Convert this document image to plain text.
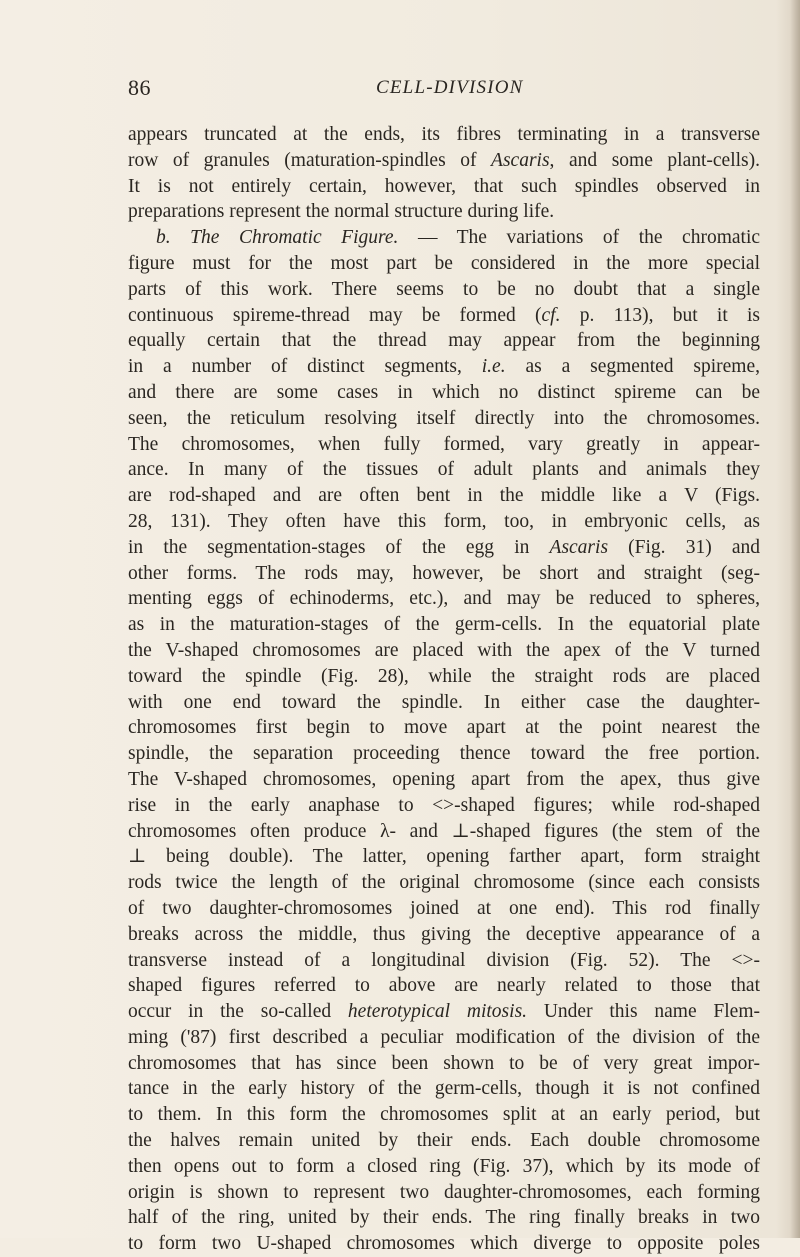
86	CELL-DIVISION
appears truncated at the ends, its fibres terminating in a transverse
row of granules (maturation-spindles of Ascaris, and some plant-cells).
It is not entirely certain, however, that such spindles observed in
preparations represent the normal structure during life.
b. The Chromatic Figure. — The variations of the chromatic
figure must for the most part be considered in the more special
parts of this work. There seems to be no doubt that a single
continuous spireme-thread may be formed (cf. p. 113), but it is
equally certain that the thread may appear from the beginning
in a number of distinct segments, i.e. as a segmented spireme,
and there are some cases in which no distinct spireme can be
seen, the reticulum resolving itself directly into the chromosomes.
The chromosomes, when fully formed, vary greatly in appear-
ance. In many of the tissues of adult plants and animals they
are rod-shaped and are often bent in the middle like a V (Figs.
28, 131). They often have this form, too, in embryonic cells, as
in the segmentation-stages of the egg in Ascaris (Fig. 31) and
other forms. The rods may, however, be short and straight (seg-
menting eggs of echinoderms, etc.), and may be reduced to spheres,
as in the maturation-stages of the germ-cells. In the equatorial plate
the V-shaped chromosomes are placed with the apex of the V turned
toward the spindle (Fig. 28), while the straight rods are placed
with one end toward the spindle. In either case the daughter-
chromosomes first begin to move apart at the point nearest the
spindle, the separation proceeding thence toward the free portion.
The V-shaped chromosomes, opening apart from the apex, thus give
rise in the early anaphase to <>-shaped figures; while rod-shaped
chromosomes often produce λ- and ⊥-shaped figures (the stem of the
⊥ being double). The latter, opening farther apart, form straight
rods twice the length of the original chromosome (since each consists
of two daughter-chromosomes joined at one end). This rod finally
breaks across the middle, thus giving the deceptive appearance of a
transverse instead of a longitudinal division (Fig. 52). The <>-
shaped figures referred to above are nearly related to those that
occur in the so-called heterotypical mitosis. Under this name Flem-
ming ('87) first described a peculiar modification of the division of the
chromosomes that has since been shown to be of very great impor-
tance in the early history of the germ-cells, though it is not confined
to them. In this form the chromosomes split at an early period, but
the halves remain united by their ends. Each double chromosome
then opens out to form a closed ring (Fig. 37), which by its mode of
origin is shown to represent two daughter-chromosomes, each forming
half of the ring, united by their ends. The ring finally breaks in two
to form two U-shaped chromosomes which diverge to opposite poles
